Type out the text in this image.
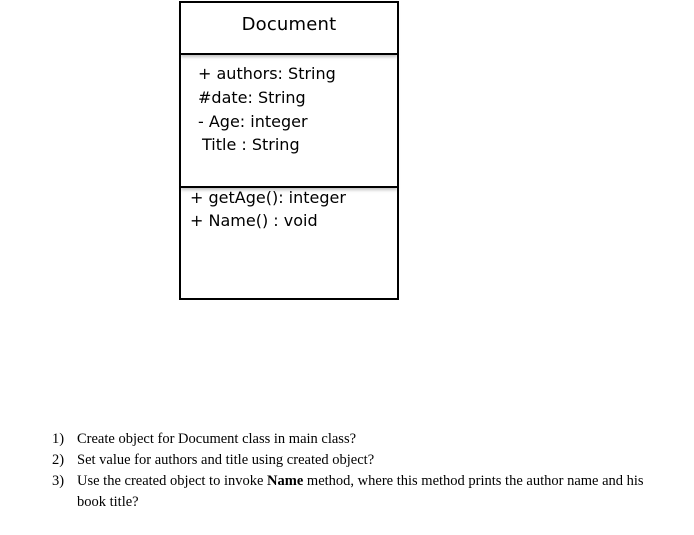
Document
+ authors: String
#date: String
- Age: integer
Title : String
+ getAge(): integer
+ Name() : void
1) Create object for Document class in main class?
2) Set value for authors and title using created object?
3) Use the created object to invoke Name method, where this method prints the author name and his book title?
